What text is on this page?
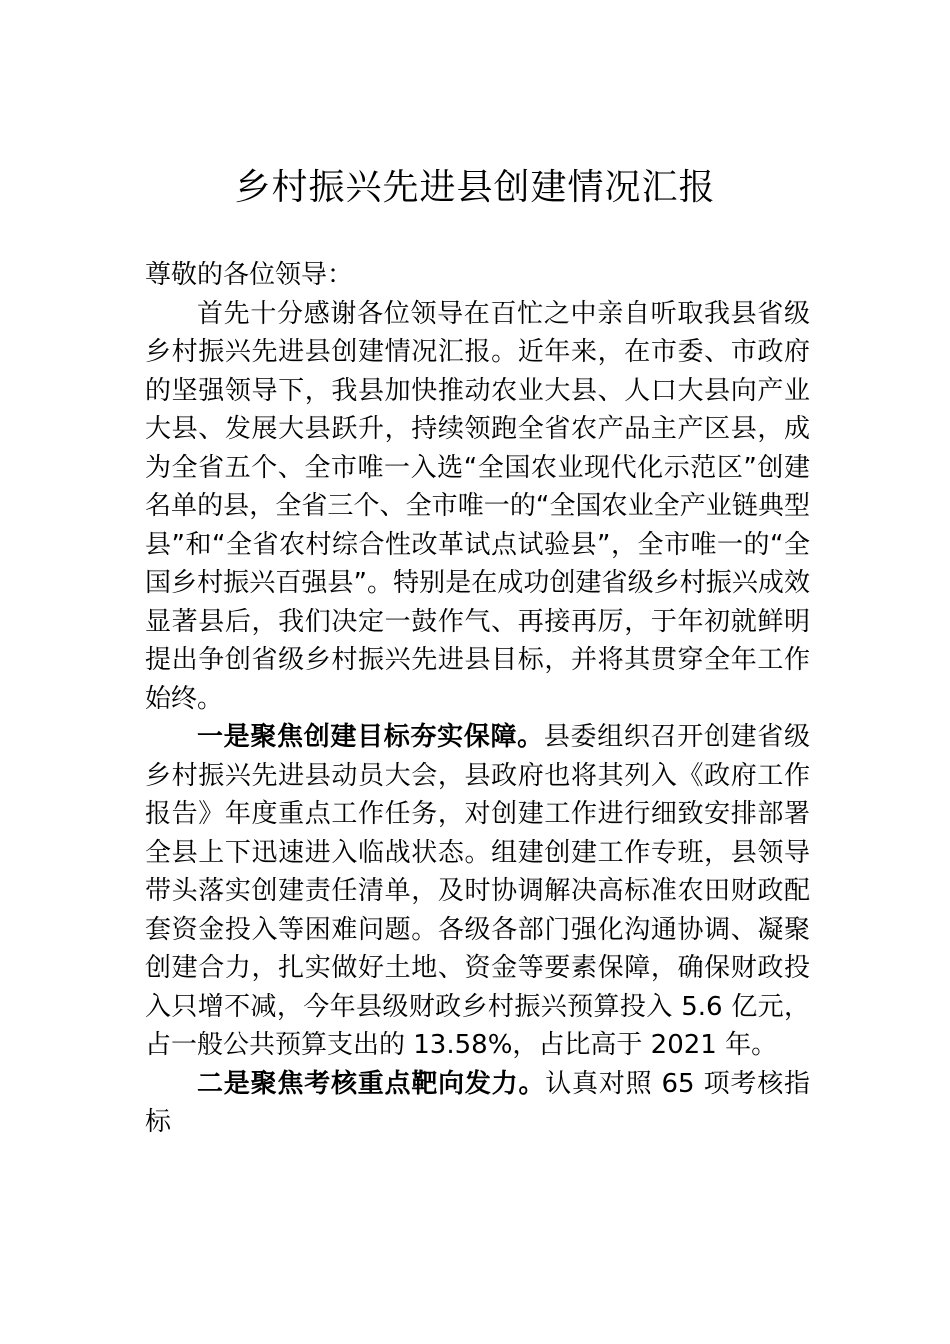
乡村振兴先进县创建情况汇报

尊敬的各位领导：

首先十分感谢各位领导在百忙之中亲自听取我县省级乡村振兴先进县创建情况汇报。近年来，在市委、市政府的坚强领导下，我县加快推动农业大县、人口大县向产业大县、发展大县跃升，持续领跑全省农产品主产区县，成为全省五个、全市唯一入选“全国农业现代化示范区”创建名单的县，全省三个、全市唯一的“全国农业全产业链典型县”和“全省农村综合性改革试点试验县”，全市唯一的“全国乡村振兴百强县”。特别是在成功创建省级乡村振兴成效显著县后，我们决定一鼓作气、再接再厉，于年初就鲜明提出争创省级乡村振兴先进县目标，并将其贯穿全年工作始终。

一是聚焦创建目标夯实保障。县委组织召开创建省级乡村振兴先进县动员大会，县政府也将其列入《政府工作报告》年度重点工作任务，对创建工作进行细致安排部署全县上下迅速进入临战状态。组建创建工作专班，县领导带头落实创建责任清单，及时协调解决高标准农田财政配套资金投入等困难问题。各级各部门强化沟通协调、凝聚创建合力，扎实做好土地、资金等要素保障，确保财政投入只增不减，今年县级财政乡村振兴预算投入 5.6 亿元，占一般公共预算支出的 13.58%，占比高于 2021 年。

二是聚焦考核重点靶向发力。认真对照 65 项考核指标
